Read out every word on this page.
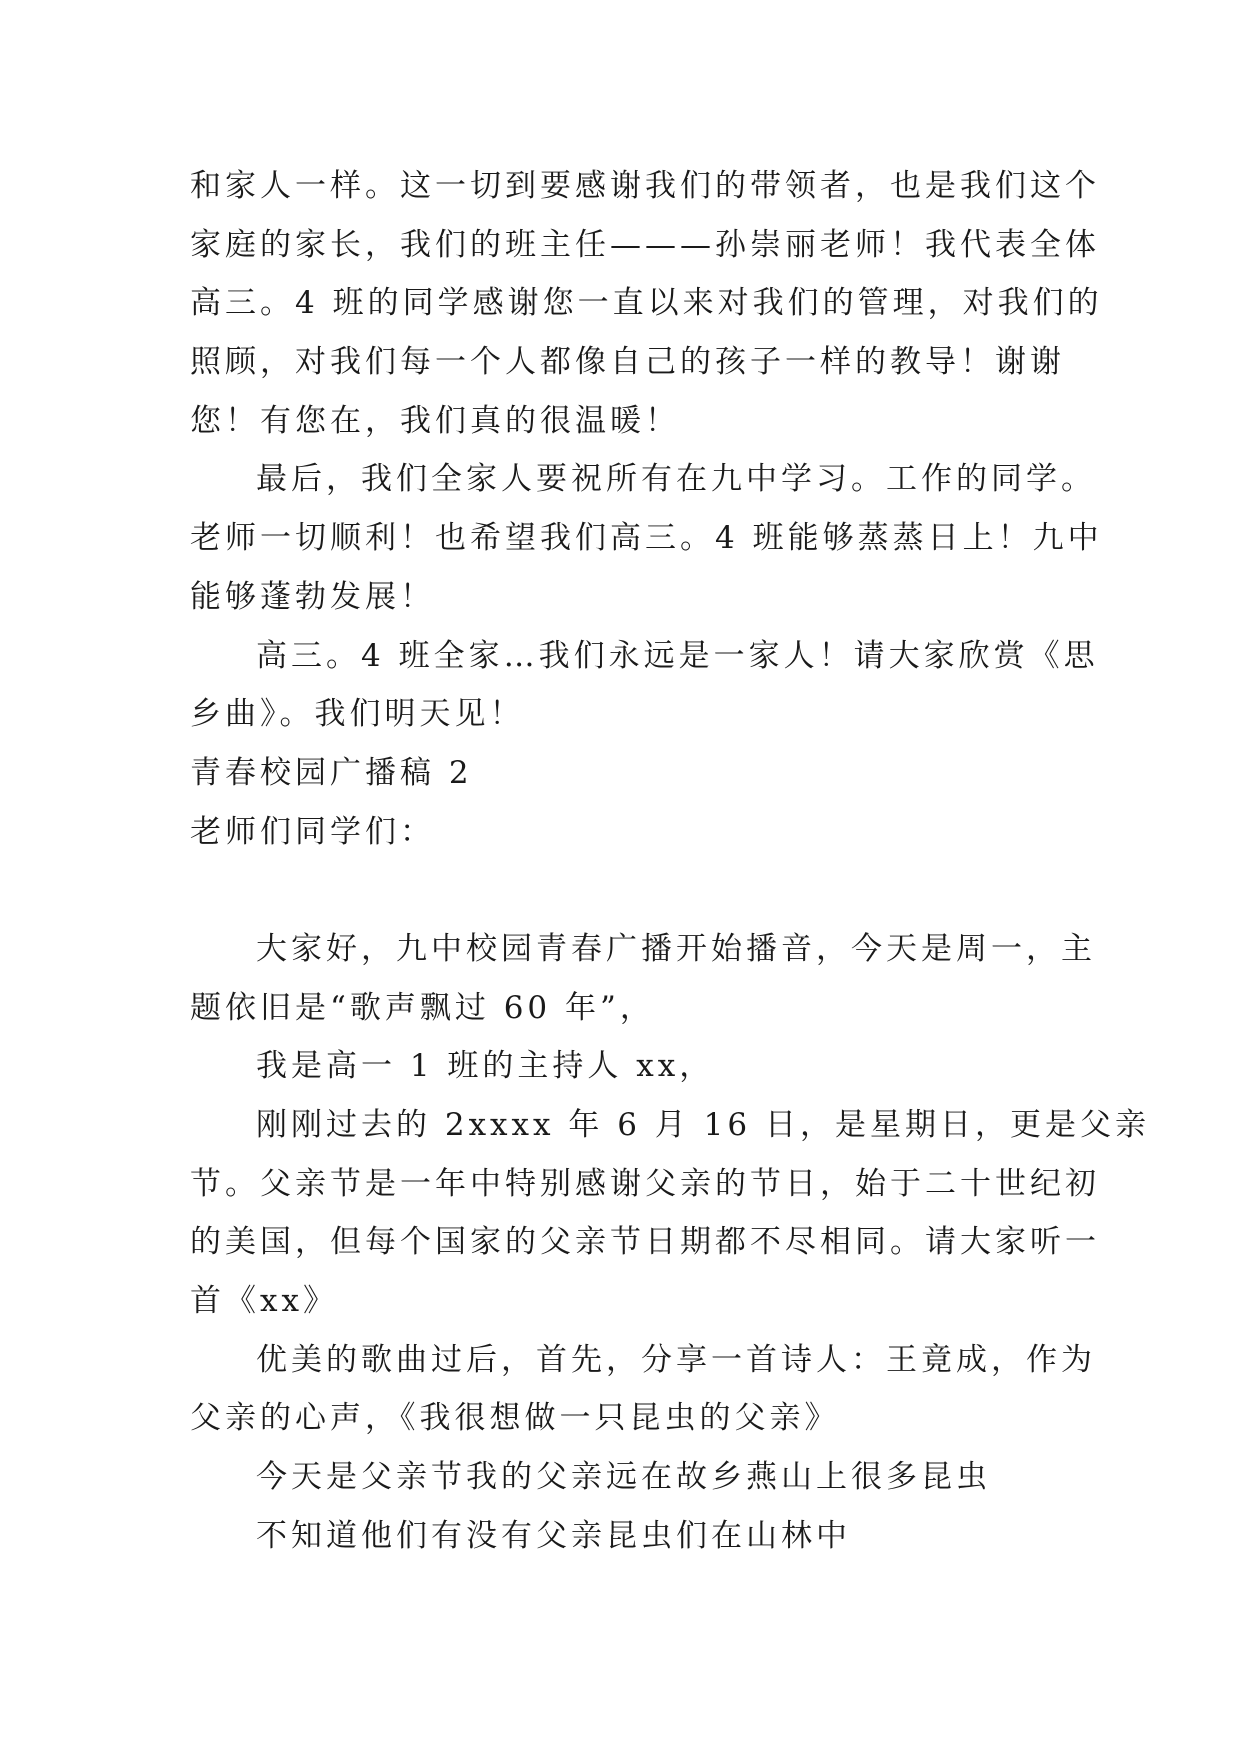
和家人一样。这一切到要感谢我们的带领者，也是我们这个
家庭的家长，我们的班主任———孙崇丽老师！我代表全体
高三。4 班的同学感谢您一直以来对我们的管理，对我们的
照顾，对我们每一个人都像自己的孩子一样的教导！谢谢
您！有您在，我们真的很温暖！
最后，我们全家人要祝所有在九中学习。工作的同学。
老师一切顺利！也希望我们高三。4 班能够蒸蒸日上！九中
能够蓬勃发展！
高三。4 班全家…我们永远是一家人！请大家欣赏《思
乡曲》。我们明天见！
青春校园广播稿 2
老师们同学们：
大家好，九中校园青春广播开始播音，今天是周一，主
题依旧是“歌声飘过 60 年”，
我是高一 1 班的主持人 xx，
刚刚过去的 2xxxx 年 6 月 16 日，是星期日，更是父亲
节。父亲节是一年中特别感谢父亲的节日，始于二十世纪初
的美国，但每个国家的父亲节日期都不尽相同。请大家听一
首《xx》
优美的歌曲过后，首先，分享一首诗人：王竟成，作为
父亲的心声，《我很想做一只昆虫的父亲》
今天是父亲节我的父亲远在故乡燕山上很多昆虫
不知道他们有没有父亲昆虫们在山林中
